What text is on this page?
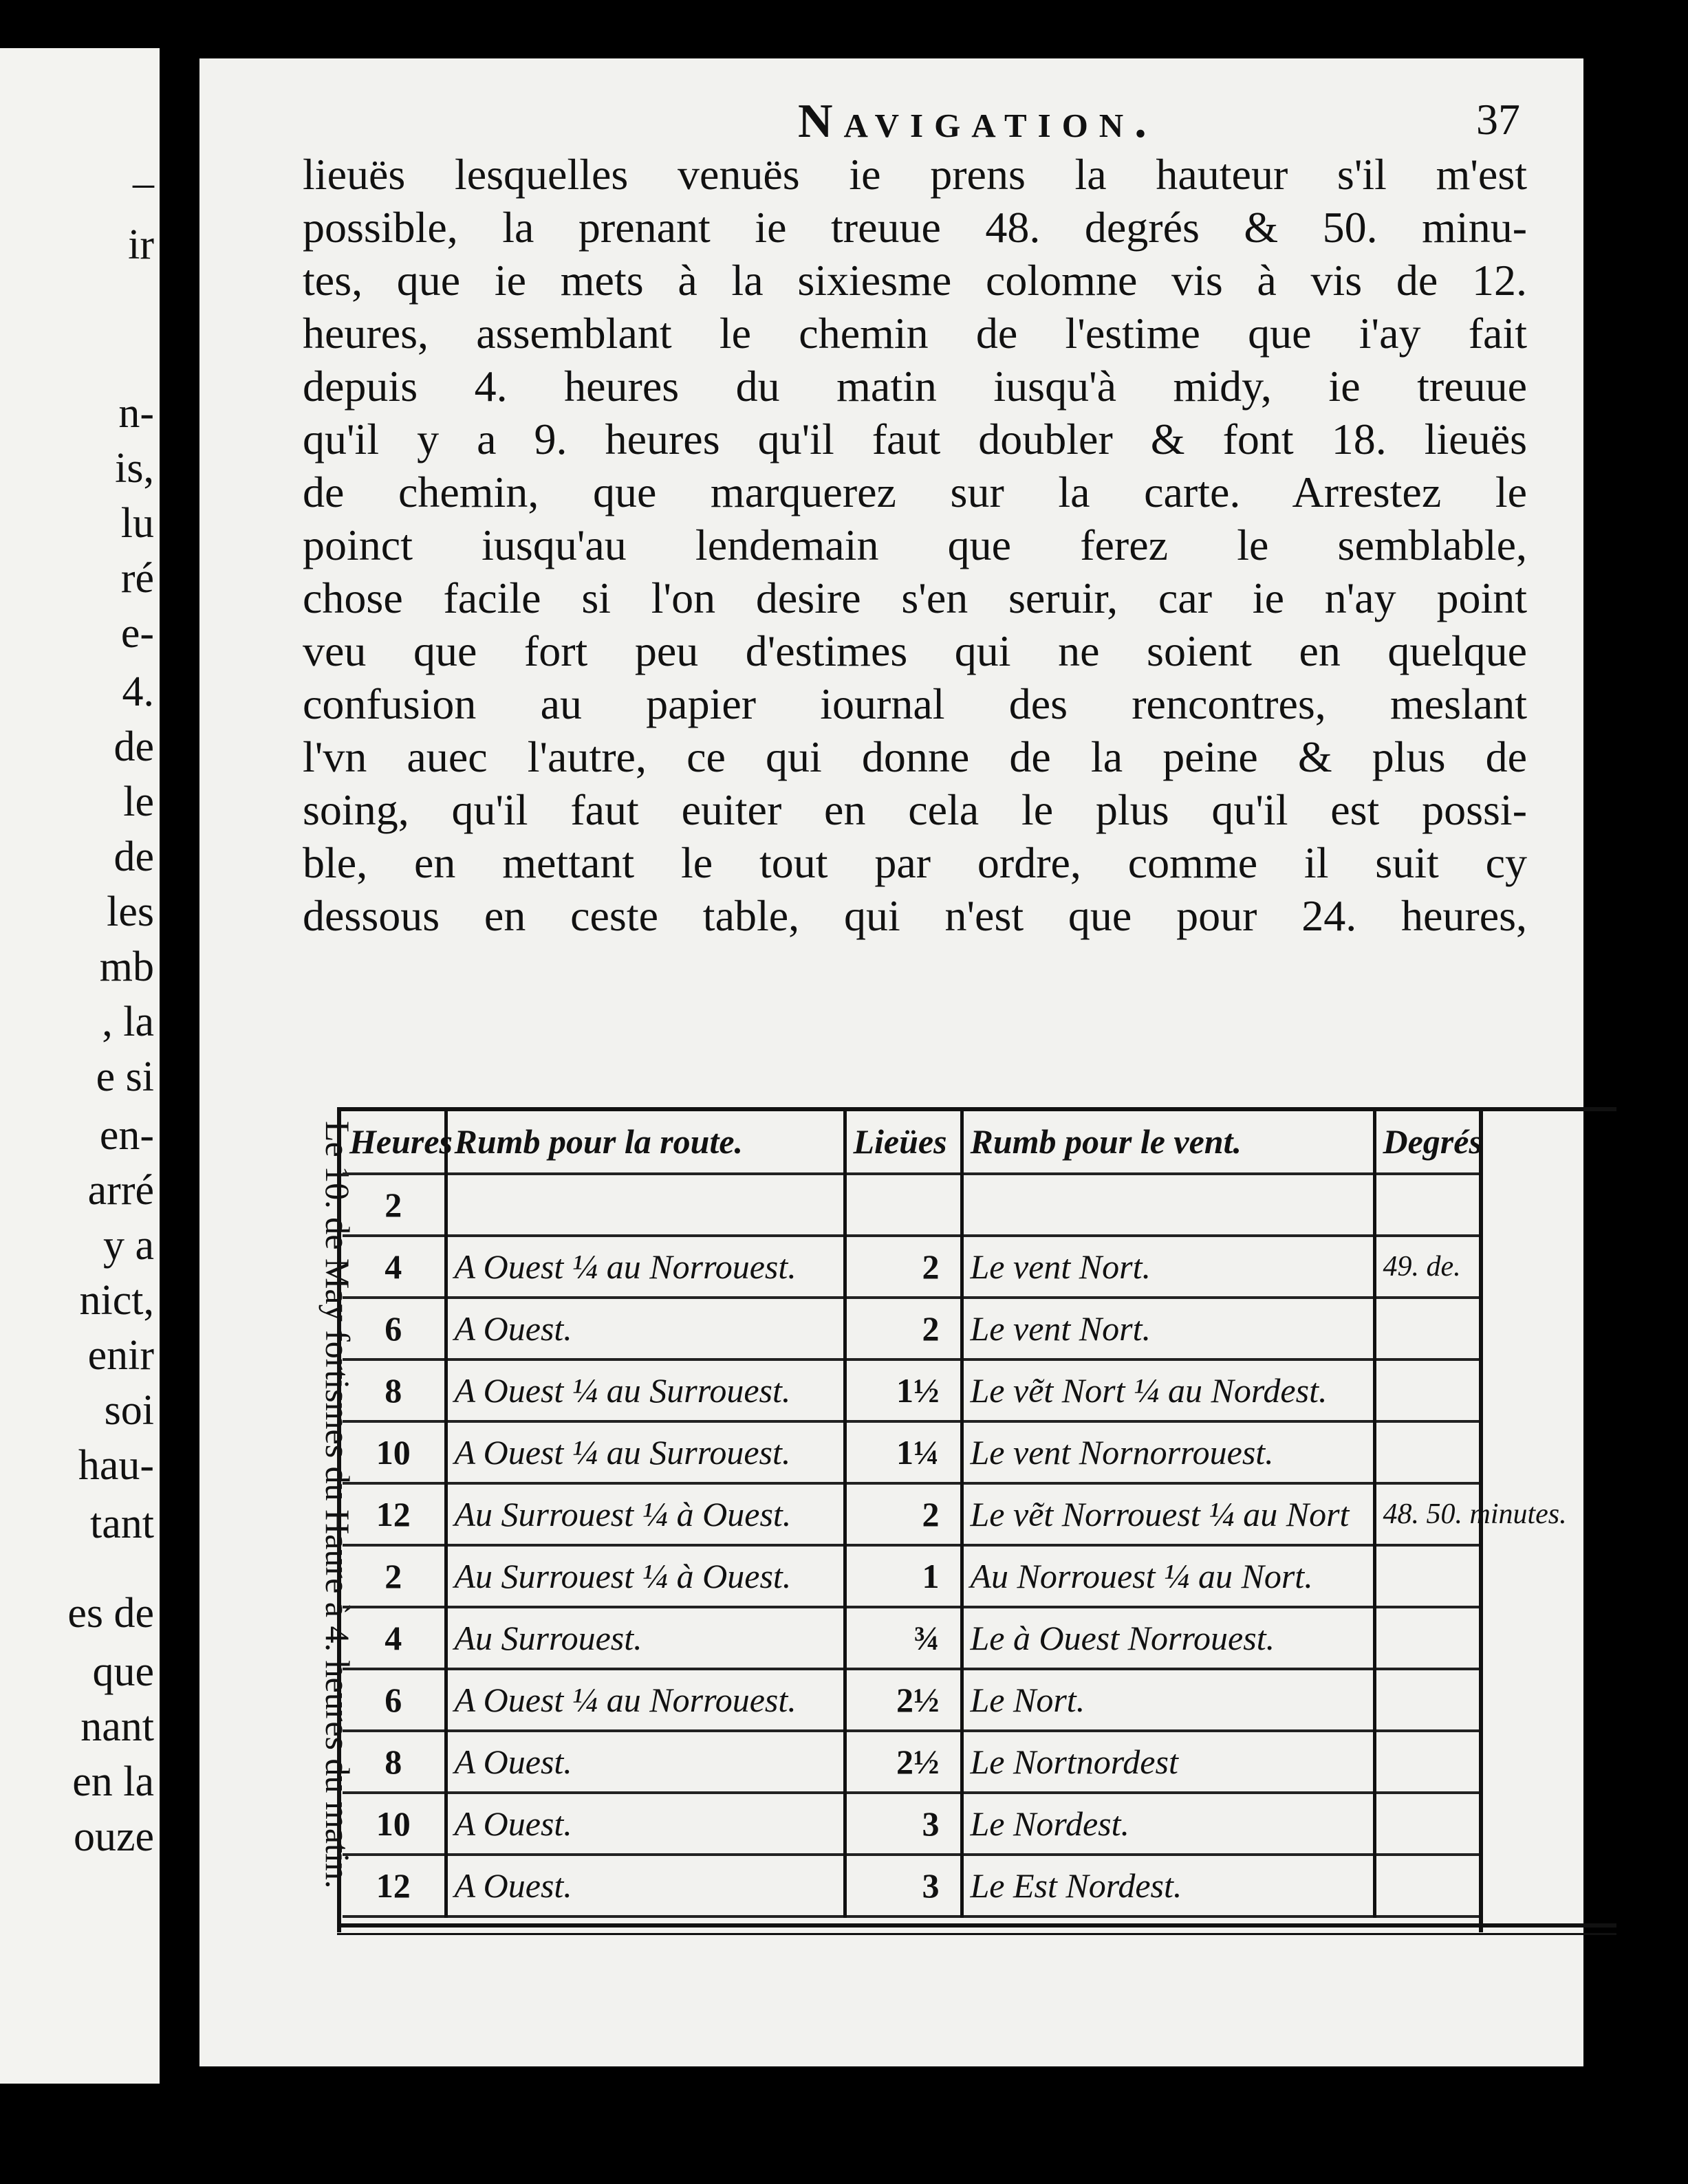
–
ir
n-
is,
lu
ré
e-
4.
de
le
de
les
mb
, la
e si
en-
arré
y a
nict,
enir
soi
hau-
tant
es de
que
nant
en la
ouze
Navigation.	37
lieuës lesquelles venuës ie prens la hauteur s'il m'est
possible, la prenant ie treuue 48. degrés & 50. minu-
tes, que ie mets à la sixiesme colomne vis à vis de 12.
heures, assemblant le chemin de l'estime que i'ay fait
depuis 4. heures du matin iusqu'à midy, ie treuue
qu'il y a 9. heures qu'il faut doubler & font 18. lieuës
de chemin, que marquerez sur la carte. Arrestez le
poinct iusqu'au lendemain que ferez le semblable,
chose facile si l'on desire s'en seruir, car ie n'ay point
veu que fort peu d'estimes qui ne soient en quelque
confusion au papier iournal des rencontres, meslant
l'vn auec l'autre, ce qui donne de la peine & plus de
soing, qu'il faut euiter en cela le plus qu'il est possi-
ble, en mettant le tout par ordre, comme il suit cy
dessous en ceste table, qui n'est que pour 24. heures,
Le 10. de May fortismes du Haure à 4. heures du matin.
Heures	Rumb pour la route.	Lieües	Rumb pour le vent.	Degrés
2				
4	A Ouest ¼ au Norrouest.	2	Le vent Nort.	49. de.
6	A Ouest.	2	Le vent Nort.	
8	A Ouest ¼ au Surrouest.	1½	Le vẽt Nort ¼ au Nordest.	
10	A Ouest ¼ au Surrouest.	1¼	Le vent Nornorrouest.	
12	Au Surrouest ¼ à Ouest.	2	Le vẽt Norrouest ¼ au Nort	48. 50. minutes.
2	Au Surrouest ¼ à Ouest.	1	Au Norrouest ¼ au Nort.	
4	Au Surrouest.	¾	Le à Ouest Norrouest.	
6	A Ouest ¼ au Norrouest.	2½	Le Nort.	
8	A Ouest.	2½	Le Nortnordest	
10	A Ouest.	3	Le Nordest.	
12	A Ouest.	3	Le Est Nordest.	
